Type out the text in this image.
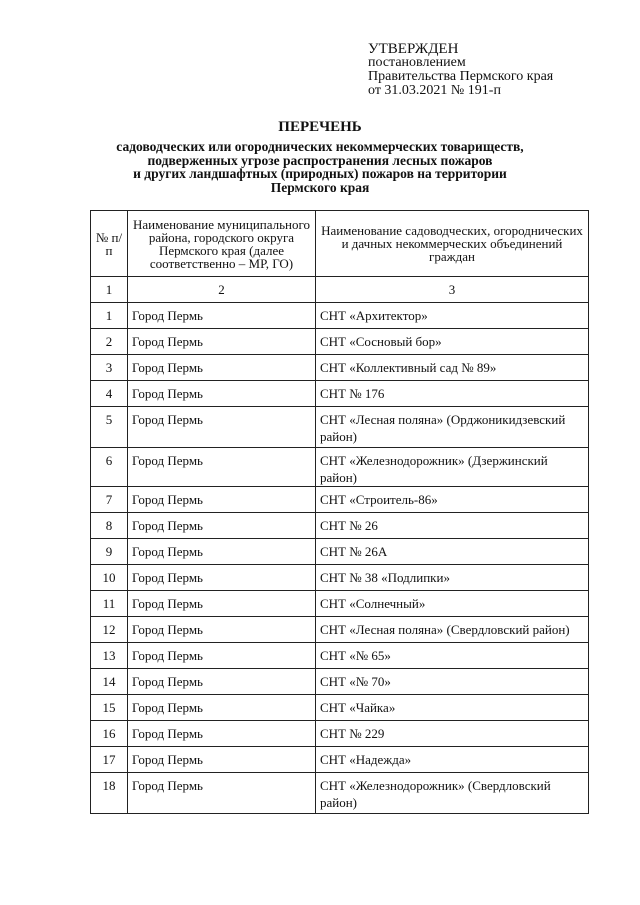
УТВЕРЖДЕН
постановлением
Правительства Пермского края
от 31.03.2021 № 191-п
ПЕРЕЧЕНЬ
садоводческих или огороднических некоммерческих товариществ,
подверженных угрозе распространения лесных пожаров
и других ландшафтных (природных) пожаров на территории
Пермского края
№ п/п	Наименование муниципального района, городского округа Пермского края (далее соответственно – МР, ГО)	Наименование садоводческих, огороднических и дачных некоммерческих объединений граждан
1	2	3
1	Город Пермь	СНТ «Архитектор»
2	Город Пермь	СНТ «Сосновый бор»
3	Город Пермь	СНТ «Коллективный сад № 89»
4	Город Пермь	СНТ № 176
5	Город Пермь	СНТ «Лесная поляна» (Орджоникидзевский район)
6	Город Пермь	СНТ «Железнодорожник» (Дзержинский район)
7	Город Пермь	СНТ «Строитель-86»
8	Город Пермь	СНТ № 26
9	Город Пермь	СНТ № 26А
10	Город Пермь	СНТ № 38 «Подлипки»
11	Город Пермь	СНТ «Солнечный»
12	Город Пермь	СНТ «Лесная поляна» (Свердловский район)
13	Город Пермь	СНТ «№ 65»
14	Город Пермь	СНТ «№ 70»
15	Город Пермь	СНТ «Чайка»
16	Город Пермь	СНТ № 229
17	Город Пермь	СНТ «Надежда»
18	Город Пермь	СНТ «Железнодорожник» (Свердловский район)
